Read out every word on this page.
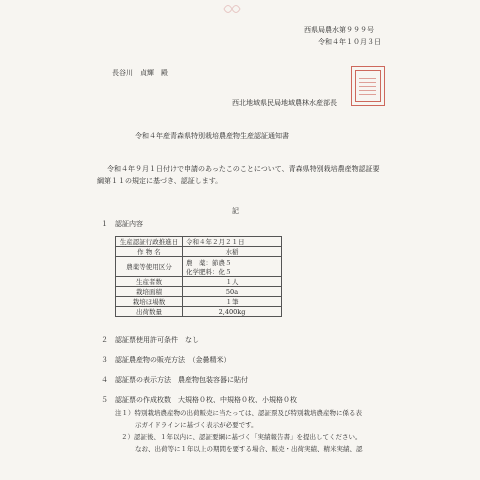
西県局農水第９９９号
令和４年１０月３日
長谷川　貞輝　殿
西北地域県民局地域農林水産部長
令和４年産青森県特別栽培農産物生産認証通知書
令和４年９月１日付けで申請のあったこのことについて、青森県特別栽培農産物認証要
綱第１１の規定に基づき、認証します。
記
１　認証内容
生産認証行政推進日	令和４年２月２１日
作 物 名	水稲
農薬等使用区分	農　薬：節農５
化学肥料：化５

生産者数	１人
栽培面積	50a
栽培ほ場数	１筆
出荷数量	2,400kg
２　認証票使用許可条件　なし
３　認証農産物の販売方法　（金曇精米）
４　認証票の表示方法　農産物包装容器に貼付
５　認証票の作成枚数　大規格０枚、中規格０枚、小規格０枚
注１）特別栽培農産物の出荷販売に当たっては、認証票及び特別栽培農産物に係る表
示ガイドラインに基づく表示が必要です。
２）認証後、１年以内に、認証要綱に基づく「実績報告書」を提出してください。
なお、出荷等に１年以上の期間を要する場合、販売・出荷実績、精米実績、認
